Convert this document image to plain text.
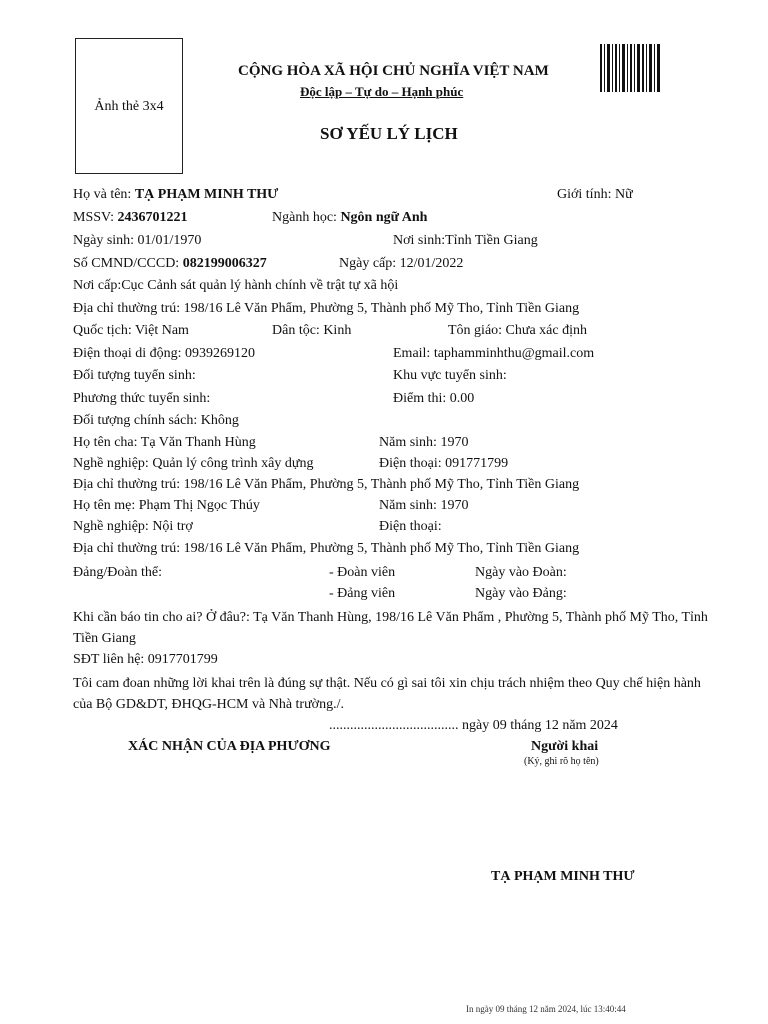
Ảnh thẻ 3x4
CỘNG HÒA XÃ HỘI CHỦ NGHĨA VIỆT NAM
Độc lập – Tự do – Hạnh phúc
SƠ YẾU LÝ LỊCH
Họ và tên: TẠ PHẠM MINH THƯ	Giới tính: Nữ
MSSV: 2436701221	Ngành học: Ngôn ngữ Anh
Ngày sinh: 01/01/1970	Nơi sinh:Tỉnh Tiền Giang
Số CMND/CCCD: 082199006327	Ngày cấp: 12/01/2022
Nơi cấp:Cục Cảnh sát quản lý hành chính về trật tự xã hội
Địa chỉ thường trú: 198/16 Lê Văn Phẩm, Phường 5, Thành phố Mỹ Tho, Tỉnh Tiền Giang
Quốc tịch: Việt Nam	Dân tộc: Kinh	Tôn giáo: Chưa xác định
Điện thoại di động: 0939269120	Email: taphamminhthu@gmail.com
Đối tượng tuyển sinh:	Khu vực tuyển sinh:
Phương thức tuyển sinh:	Điểm thi: 0.00
Đối tượng chính sách: Không
Họ tên cha: Tạ Văn Thanh Hùng	Năm sinh: 1970
Nghề nghiệp: Quản lý công trình xây dựng	Điện thoại: 091771799
Địa chỉ thường trú: 198/16 Lê Văn Phẩm, Phường 5, Thành phố Mỹ Tho, Tỉnh Tiền Giang
Họ tên mẹ: Phạm Thị Ngọc Thúy	Năm sinh: 1970
Nghề nghiệp: Nội trợ	Điện thoại:
Địa chỉ thường trú: 198/16 Lê Văn Phẩm, Phường 5, Thành phố Mỹ Tho, Tỉnh Tiền Giang
Đảng/Đoàn thể:	- Đoàn viên	Ngày vào Đoàn:
- Đảng viên	Ngày vào Đảng:
Khi cần báo tin cho ai? Ở đâu?: Tạ Văn Thanh Hùng, 198/16 Lê Văn Phẩm , Phường 5, Thành phố Mỹ Tho, Tỉnh Tiền Giang
SĐT liên hệ: 0917701799
Tôi cam đoan những lời khai trên là đúng sự thật. Nếu có gì sai tôi xin chịu trách nhiệm theo Quy chế hiện hành của Bộ GD&DT, ĐHQG-HCM và Nhà trường./.
..................................... ngày 09 tháng 12 năm 2024
XÁC NHẬN CỦA ĐỊA PHƯƠNG	Người khai
(Ký, ghi rõ họ tên)
TẠ PHẠM MINH THƯ
In ngày 09 tháng 12 năm 2024, lúc 13:40:44
